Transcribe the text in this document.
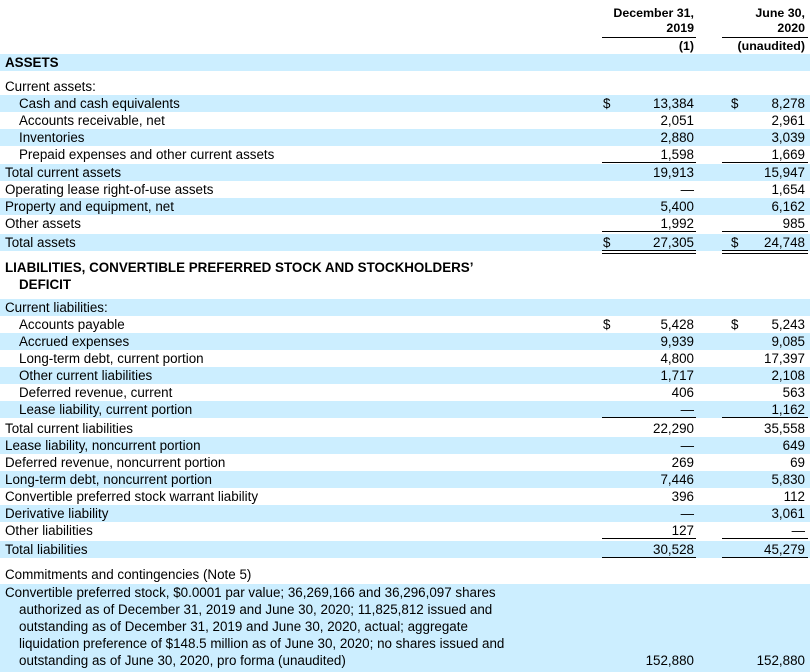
December 31,
2019
June 30,
2020
(1)	(unaudited)
ASSETS
Current assets:
Cash and cash equivalents	$	13,384	$	8,278
Accounts receivable, net	2,051	2,961
Inventories	2,880	3,039
Prepaid expenses and other current assets	1,598	1,669
Total current assets	19,913	15,947
Operating lease right-of-use assets	—	1,654
Property and equipment, net	5,400	6,162
Other assets	1,992	985
Total assets	$	27,305	$	24,748
Current liabilities:
Accounts payable	$	5,428	$	5,243
Accrued expenses	9,939	9,085
Long-term debt, current portion	4,800	17,397
Other current liabilities	1,717	2,108
Deferred revenue, current	406	563
Lease liability, current portion	—	1,162
Total current liabilities	22,290	35,558
Lease liability, noncurrent portion	—	649
Deferred revenue, noncurrent portion	269	69
Long-term debt, noncurrent portion	7,446	5,830
Convertible preferred stock warrant liability	396	112
Derivative liability	—	3,061
Other liabilities	127	—
Total liabilities	30,528	45,279
Commitments and contingencies (Note 5)
LIABILITIES, CONVERTIBLE PREFERRED STOCK AND STOCKHOLDERS’
DEFICIT
Convertible preferred stock, $0.0001 par value; 36,269,166 and 36,296,097 shares
authorized as of December 31, 2019 and June 30, 2020; 11,825,812 issued and
outstanding as of December 31, 2019 and June 30, 2020, actual; aggregate
liquidation preference of $148.5 million as of June 30, 2020; no shares issued and
outstanding as of June 30, 2020, pro forma (unaudited)	152,880	152,880
